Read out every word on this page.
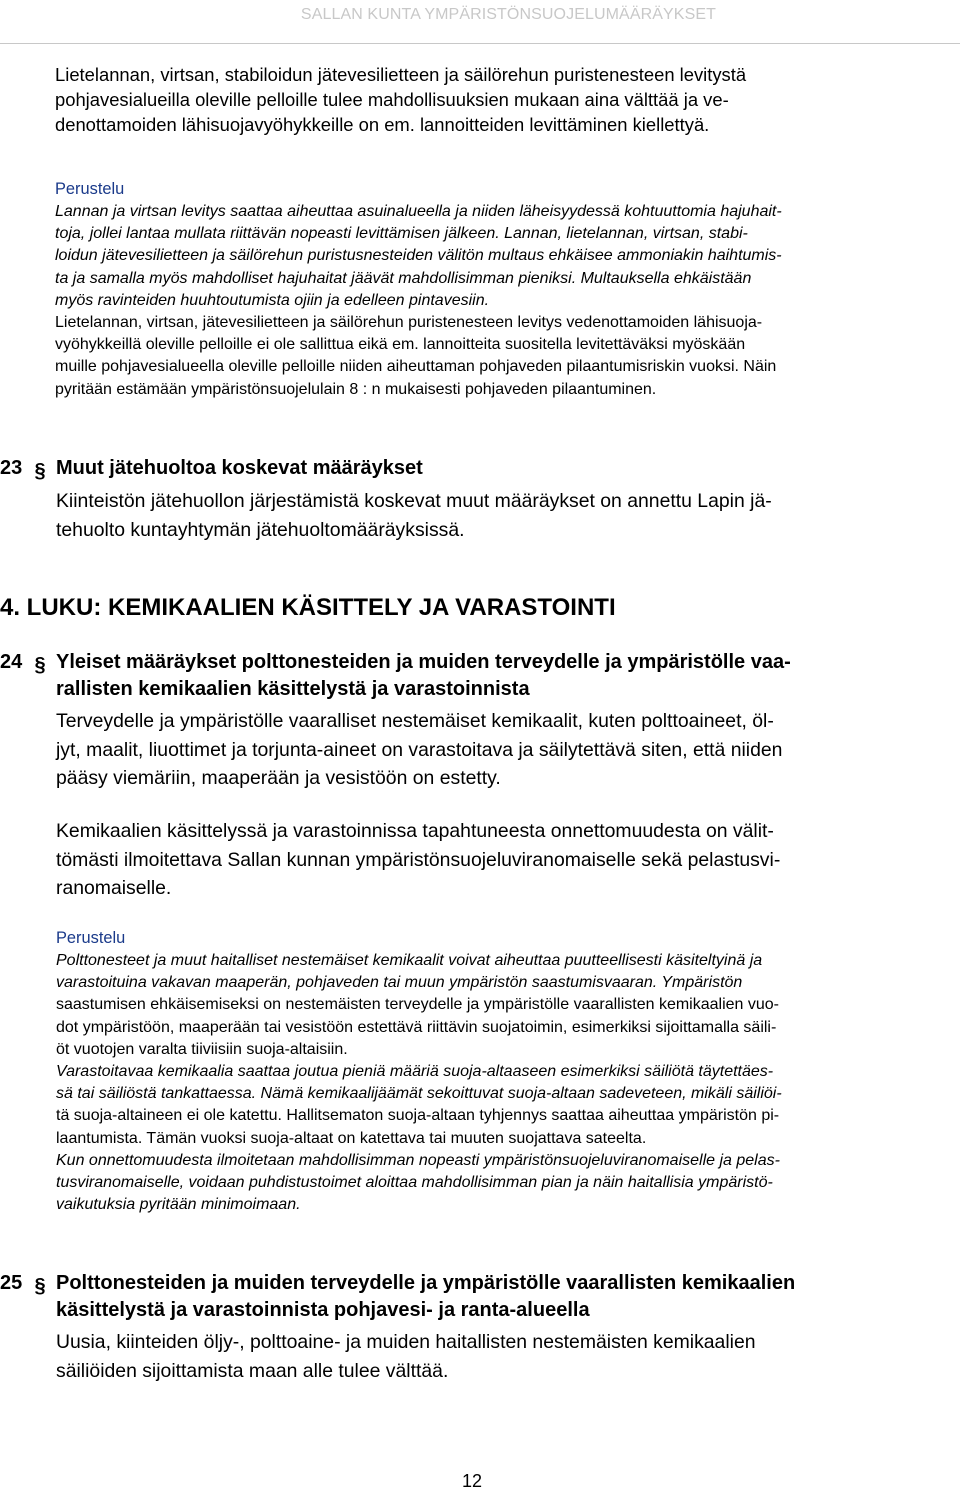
SALLAN KUNTA YMPÄRISTÖNSUOJELUMÄÄRÄYKSET
Lietelannan, virtsan, stabiloidun jätevesilietteen ja säilörehun puristenesteen levitystä
pohjavesialueilla oleville pelloille tulee mahdollisuuksien mukaan aina välttää ja ve-
denottamoiden lähisuojavyöhykkeille on em. lannoitteiden levittäminen kiellettyä.
Perustelu
Lannan ja virtsan levitys saattaa aiheuttaa asuinalueella ja niiden läheisyydessä kohtuuttomia hajuhait-
toja, jollei lantaa mullata riittävän nopeasti levittämisen jälkeen. Lannan, lietelannan, virtsan, stabi-
loidun jätevesilietteen ja säilörehun puristusnesteiden välitön multaus ehkäisee ammoniakin haihtumis-
ta ja samalla myös mahdolliset hajuhaitat jäävät mahdollisimman pieniksi. Multauksella ehkäistään
myös ravinteiden huuhtoutumista ojiin ja edelleen pintavesiin.
Lietelannan, virtsan, jätevesilietteen ja säilörehun puristenesteen levitys vedenottamoiden lähisuoja-
vyöhykkeillä oleville pelloille ei ole sallittua eikä em. lannoitteita suositella levitettäväksi myöskään
muille pohjavesialueella oleville pelloille niiden aiheuttaman pohjaveden pilaantumisriskin vuoksi. Näin
pyritään estämään ympäristönsuojelulain 8 : n mukaisesti pohjaveden pilaantuminen.
23 § Muut jätehuoltoa koskevat määräykset
Kiinteistön jätehuollon järjestämistä koskevat muut määräykset on annettu Lapin jä-
tehuolto kuntayhtymän jätehuoltomääräyksissä.
4. LUKU: KEMIKAALIEN KÄSITTELY JA VARASTOINTI
24 § Yleiset määräykset polttonesteiden ja muiden terveydelle ja ympäristölle vaa-
rallisten kemikaalien käsittelystä ja varastoinnista
Terveydelle ja ympäristölle vaaralliset nestemäiset kemikaalit, kuten polttoaineet, öl-
jyt, maalit, liuottimet ja torjunta-aineet on varastoitava ja säilytettävä siten, että niiden
pääsy viemäriin, maaperään ja vesistöön on estetty.
Kemikaalien käsittelyssä ja varastoinnissa tapahtuneesta onnettomuudesta on välit-
tömästi ilmoitettava Sallan kunnan ympäristönsuojeluviranomaiselle sekä pelastusvi-
ranomaiselle.
Perustelu
Polttonesteet ja muut haitalliset nestemäiset kemikaalit voivat aiheuttaa puutteellisesti käsiteltyinä ja
varastoituina vakavan maaperän, pohjaveden tai muun ympäristön saastumisvaaran. Ympäristön
saastumisen ehkäisemiseksi on nestemäisten terveydelle ja ympäristölle vaarallisten kemikaalien vuo-
dot ympäristöön, maaperään tai vesistöön estettävä riittävin suojatoimin, esimerkiksi sijoittamalla säili-
öt vuotojen varalta tiiviisiin suoja-altaisiin.
Varastoitavaa kemikaalia saattaa joutua pieniä määriä suoja-altaaseen esimerkiksi säiliötä täytettäes-
sä tai säiliöstä tankattaessa. Nämä kemikaalijäämät sekoittuvat suoja-altaan sadeveteen, mikäli säiliöi-
tä suoja-altaineen ei ole katettu. Hallitsematon suoja-altaan tyhjennys saattaa aiheuttaa ympäristön pi-
laantumista. Tämän vuoksi suoja-altaat on katettava tai muuten suojattava sateelta.
Kun onnettomuudesta ilmoitetaan mahdollisimman nopeasti ympäristönsuojeluviranomaiselle ja pelas-
tusviranomaiselle, voidaan puhdistustoimet aloittaa mahdollisimman pian ja näin haitallisia ympäristö-
vaikutuksia pyritään minimoimaan.
25 § Polttonesteiden ja muiden terveydelle ja ympäristölle vaarallisten kemikaalien
käsittelystä ja varastoinnista pohjavesi- ja ranta-alueella
Uusia, kiinteiden öljy-, polttoaine- ja muiden haitallisten nestemäisten kemikaalien
säiliöiden sijoittamista maan alle tulee välttää.
12
